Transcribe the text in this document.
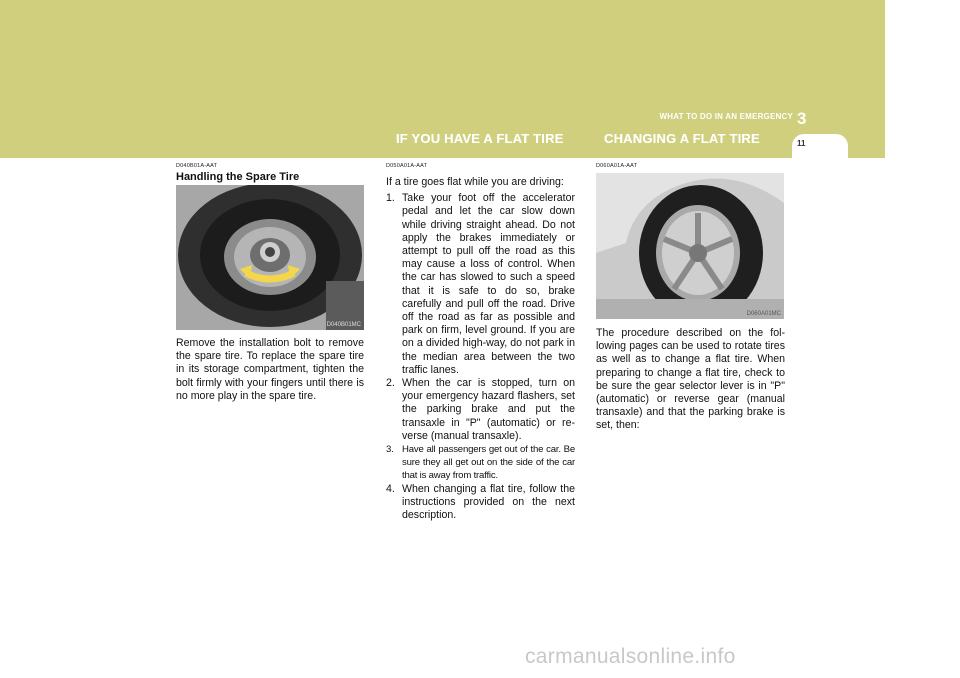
WHAT TO DO IN AN EMERGENCY 3
IF YOU HAVE A FLAT TIRE	CHANGING A FLAT TIRE	11
D040B01A-AAT
Handling the Spare Tire
D040B01MC
Remove the installation bolt to remove the spare tire. To replace the spare tire in its storage compartment, tighten the bolt firmly with your fingers until there is no more play in the spare tire.
D050A01A-AAT
If a tire goes flat while you are driving:
1. Take your foot off the accelerator pedal and let the car slow down while driving straight ahead. Do not apply the brakes immediately or attempt to pull off the road as this may cause a loss of control. When the car has slowed to such a speed that it is safe to do so, brake carefully and pull off the road. Drive off the road as far as possible and park on firm, level ground. If you are on a divided high-way, do not park in the median area between the two traffic lanes.
2. When the car is stopped, turn on your emergency hazard flashers, set the parking brake and put the transaxle in "P" (automatic) or re-verse (manual transaxle).
3. Have all passengers get out of the car. Be sure they all get out on the side of the car that is away from traffic.
4. When changing a flat tire, follow the instructions provided on the next description.
D060A01A-AAT
D060A01MC
The procedure described on the fol-lowing pages can be used to rotate tires as well as to change a flat tire. When preparing to change a flat tire, check to be sure the gear selector lever is in "P" (automatic) or reverse gear (manual transaxle) and that the parking brake is set, then:
carmanualsonline.info
